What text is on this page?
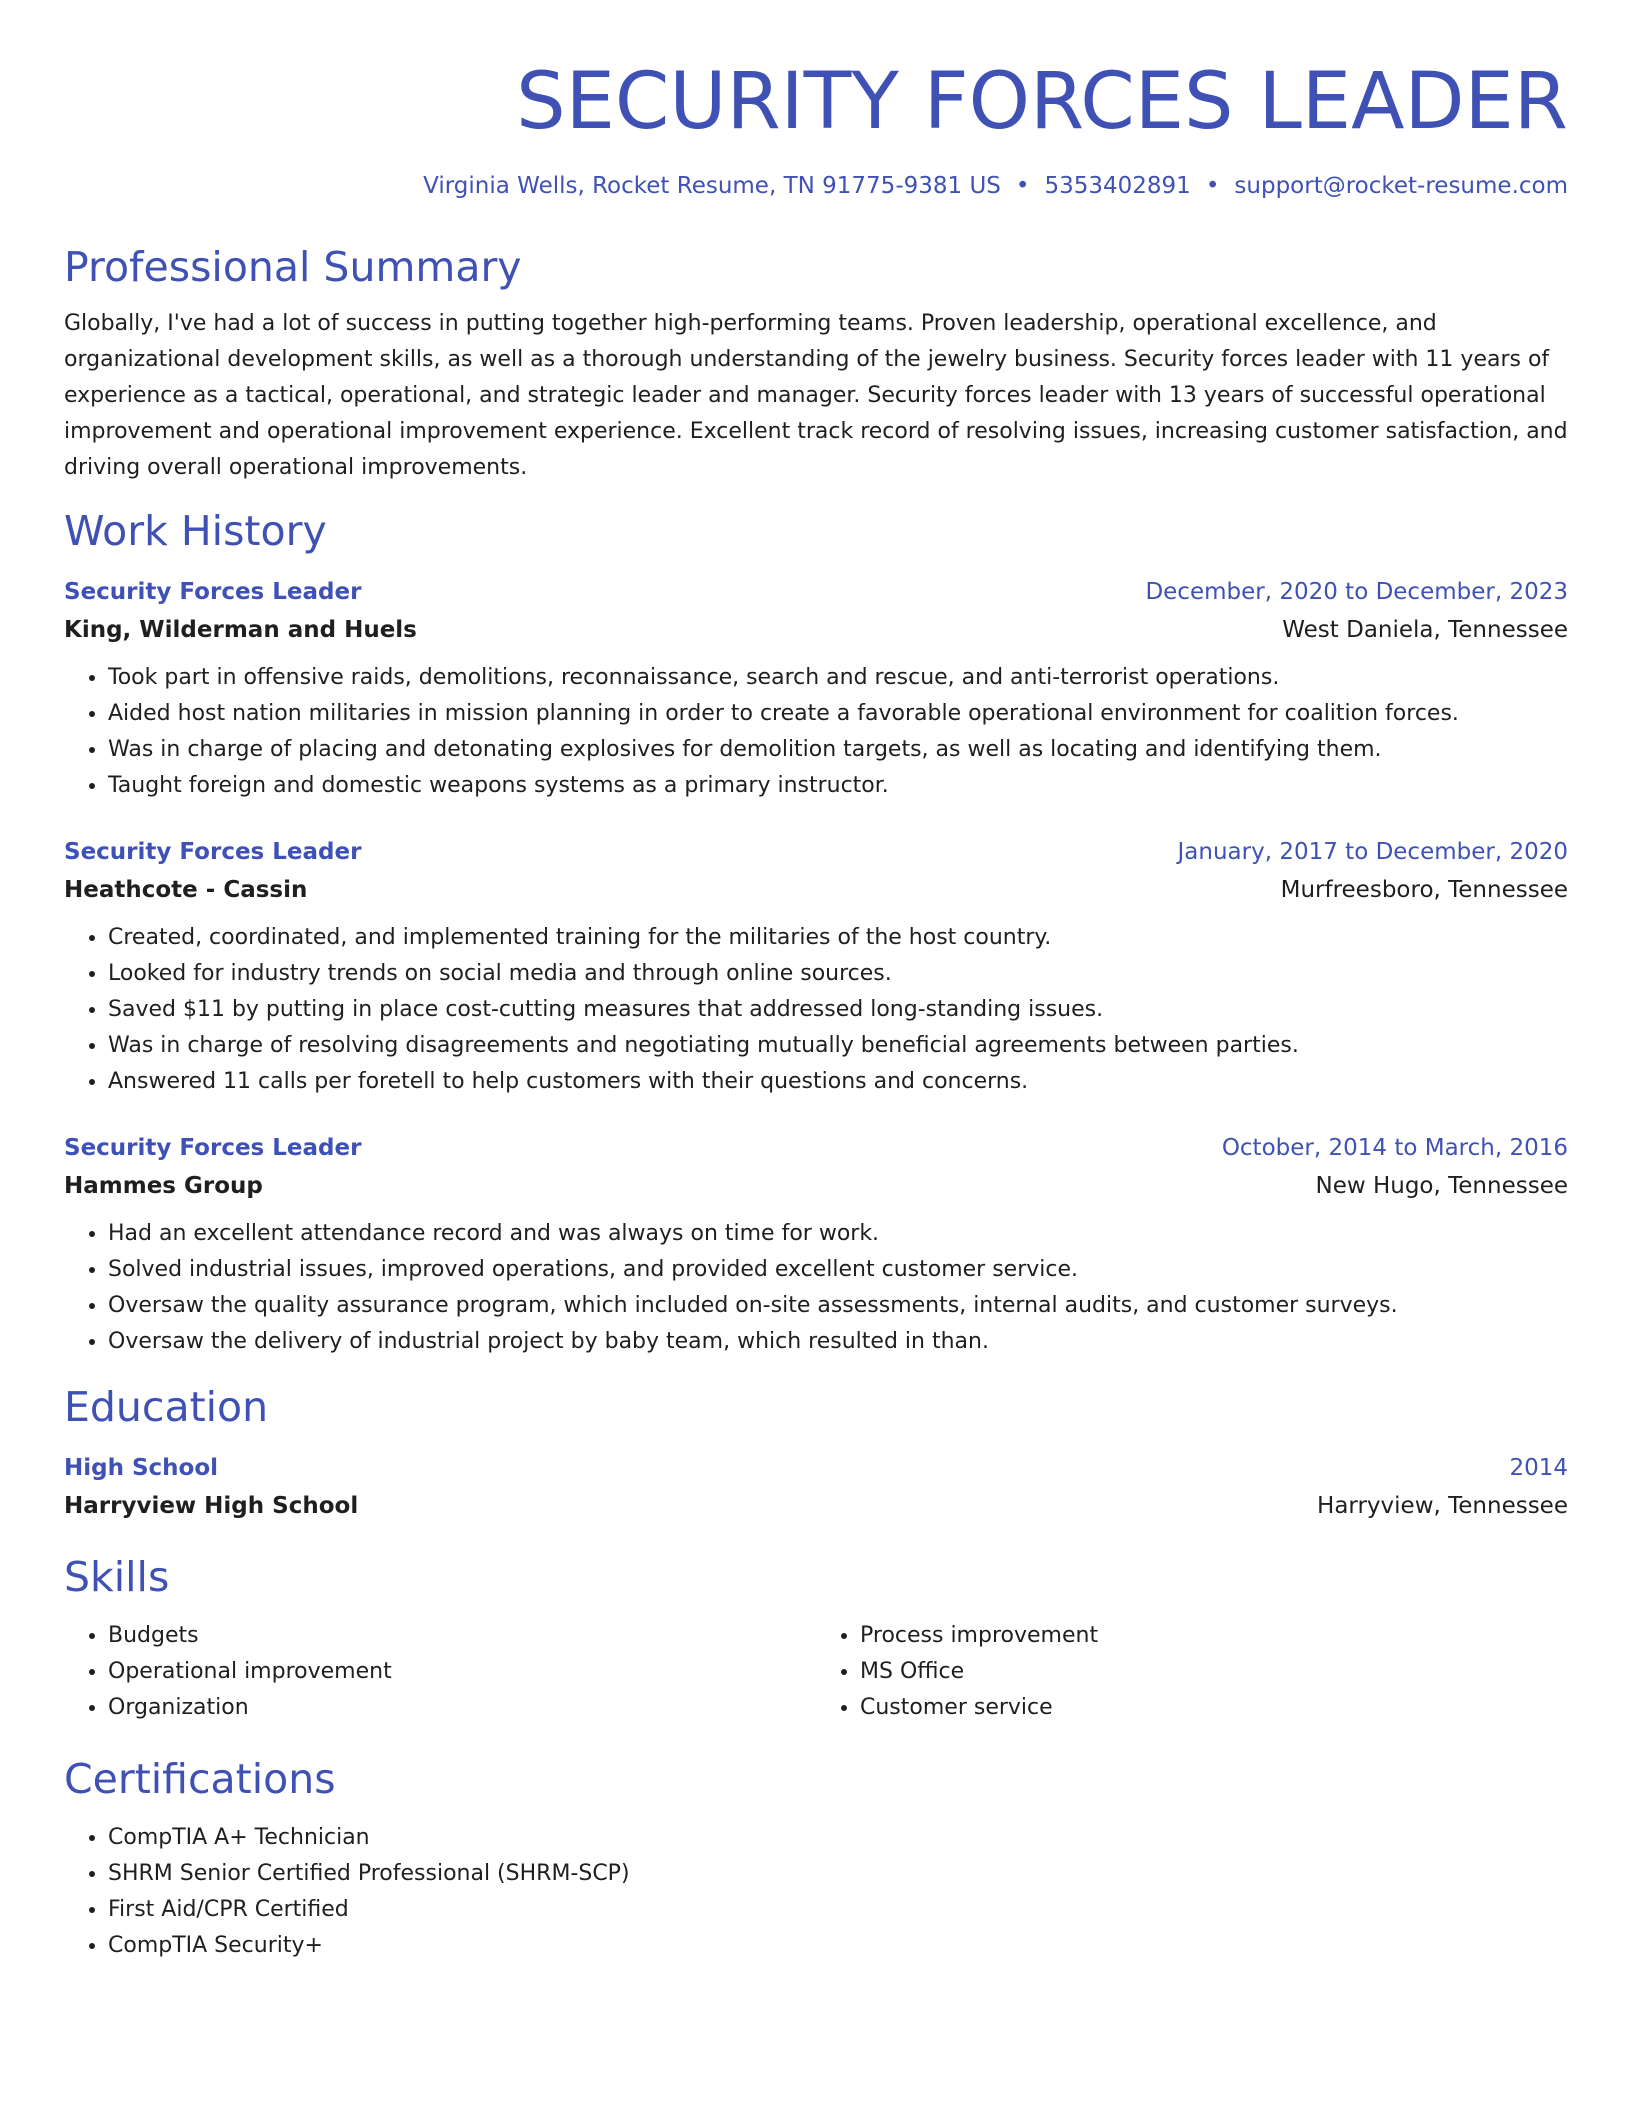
SECURITY FORCES LEADER
Virginia Wells, Rocket Resume, TN 91775-9381 US • 5353402891 • support@rocket-resume.com
Professional Summary

Globally, I've had a lot of success in putting together high-performing teams. Proven leadership, operational excellence, and organizational development skills, as well as a thorough understanding of the jewelry business. Security forces leader with 11 years of experience as a tactical, operational, and strategic leader and manager. Security forces leader with 13 years of successful operational improvement and operational improvement experience. Excellent track record of resolving issues, increasing customer satisfaction, and driving overall operational improvements.

Work History
Security Forces Leader	December, 2020 to December, 2023
King, Wilderman and Huels	West Daniela, Tennessee
• Took part in offensive raids, demolitions, reconnaissance, search and rescue, and anti-terrorist operations.
• Aided host nation militaries in mission planning in order to create a favorable operational environment for coalition forces.
• Was in charge of placing and detonating explosives for demolition targets, as well as locating and identifying them.
• Taught foreign and domestic weapons systems as a primary instructor.
Security Forces Leader	January, 2017 to December, 2020
Heathcote - Cassin	Murfreesboro, Tennessee
• Created, coordinated, and implemented training for the militaries of the host country.
• Looked for industry trends on social media and through online sources.
• Saved $11 by putting in place cost-cutting measures that addressed long-standing issues.
• Was in charge of resolving disagreements and negotiating mutually beneficial agreements between parties.
• Answered 11 calls per foretell to help customers with their questions and concerns.
Security Forces Leader	October, 2014 to March, 2016
Hammes Group	New Hugo, Tennessee
• Had an excellent attendance record and was always on time for work.
• Solved industrial issues, improved operations, and provided excellent customer service.
• Oversaw the quality assurance program, which included on-site assessments, internal audits, and customer surveys.
• Oversaw the delivery of industrial project by baby team, which resulted in than.
Education
High School	2014
Harryview High School	Harryview, Tennessee
Skills
• Budgets
• Operational improvement
• Organization
• Process improvement
• MS Office
• Customer service
Certifications
• CompTIA A+ Technician
• SHRM Senior Certified Professional (SHRM-SCP)
• First Aid/CPR Certified
• CompTIA Security+
